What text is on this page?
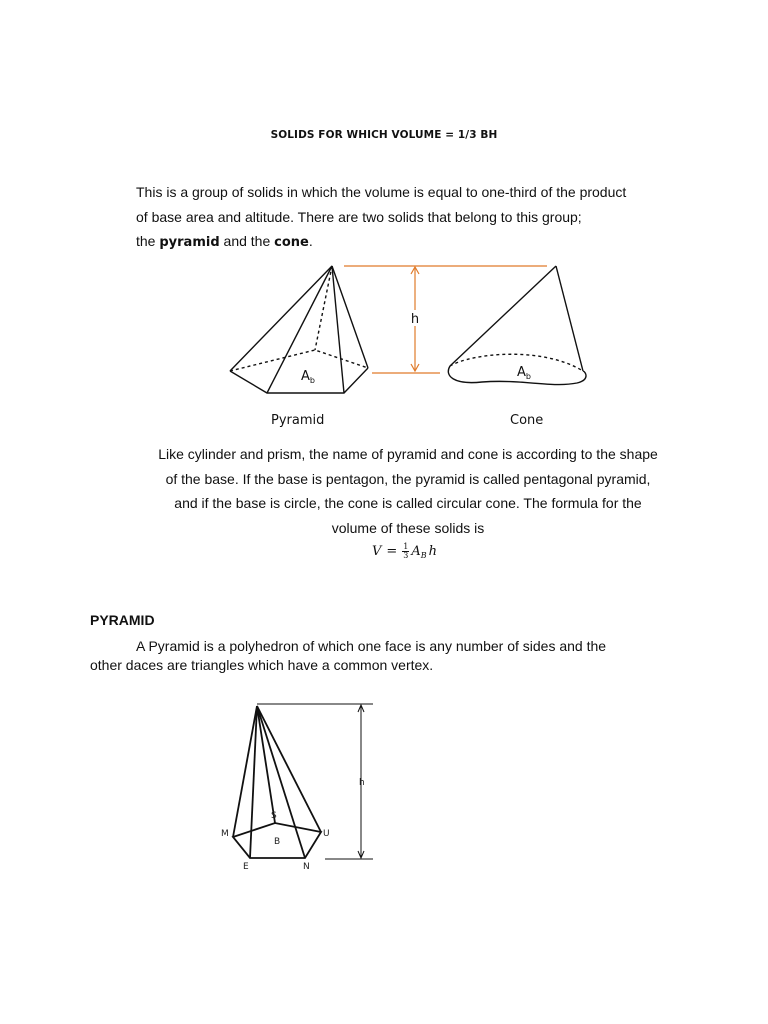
SOLIDS FOR WHICH VOLUME = 1/3 BH
This is a group of solids in which the volume is equal to one-third of the product
of base area and altitude. There are two solids that belong to this group;
the pyramid and the cone.
$A_b$
h
$A_b$
Pyramid	Cone
Like cylinder and prism, the name of pyramid and cone is according to the shape
of the base. If the base is pentagon, the pyramid is called pentagonal pyramid,
and if the base is circle, the cone is called circular cone. The formula for the
volume of these solids is
$V = \frac{1}{3} A_B$ h
PYRAMID
A Pyramid is a polyhedron of which one face is any number of sides and the
other daces are triangles which have a common vertex.
h
M
S
U
B
E	N
